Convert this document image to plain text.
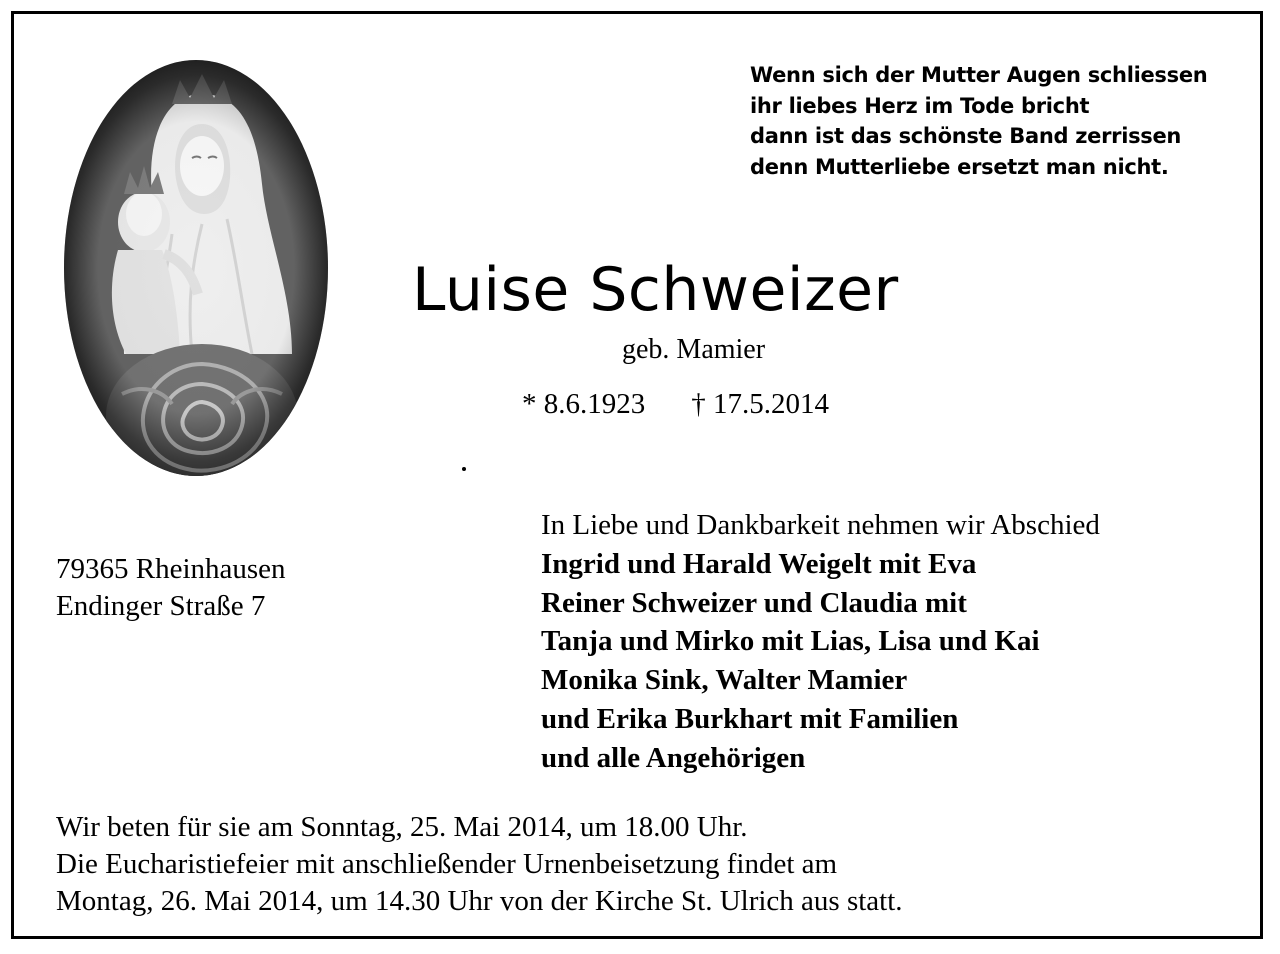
Wenn sich der Mutter Augen schliessen
ihr liebes Herz im Tode bricht
dann ist das schönste Band zerrissen
denn Mutterliebe ersetzt man nicht.
Luise Schweizer
geb. Mamier
* 8.6.1923 † 17.5.2014
79365 Rheinhausen
Endinger Straße 7
In Liebe und Dankbarkeit nehmen wir Abschied
Ingrid und Harald Weigelt mit Eva
Reiner Schweizer und Claudia mit
Tanja und Mirko mit Lias, Lisa und Kai
Monika Sink, Walter Mamier
und Erika Burkhart mit Familien
und alle Angehörigen
Wir beten für sie am Sonntag, 25. Mai 2014, um 18.00 Uhr.
Die Eucharistiefeier mit anschließender Urnenbeisetzung findet am
Montag, 26. Mai 2014, um 14.30 Uhr von der Kirche St. Ulrich aus statt.
